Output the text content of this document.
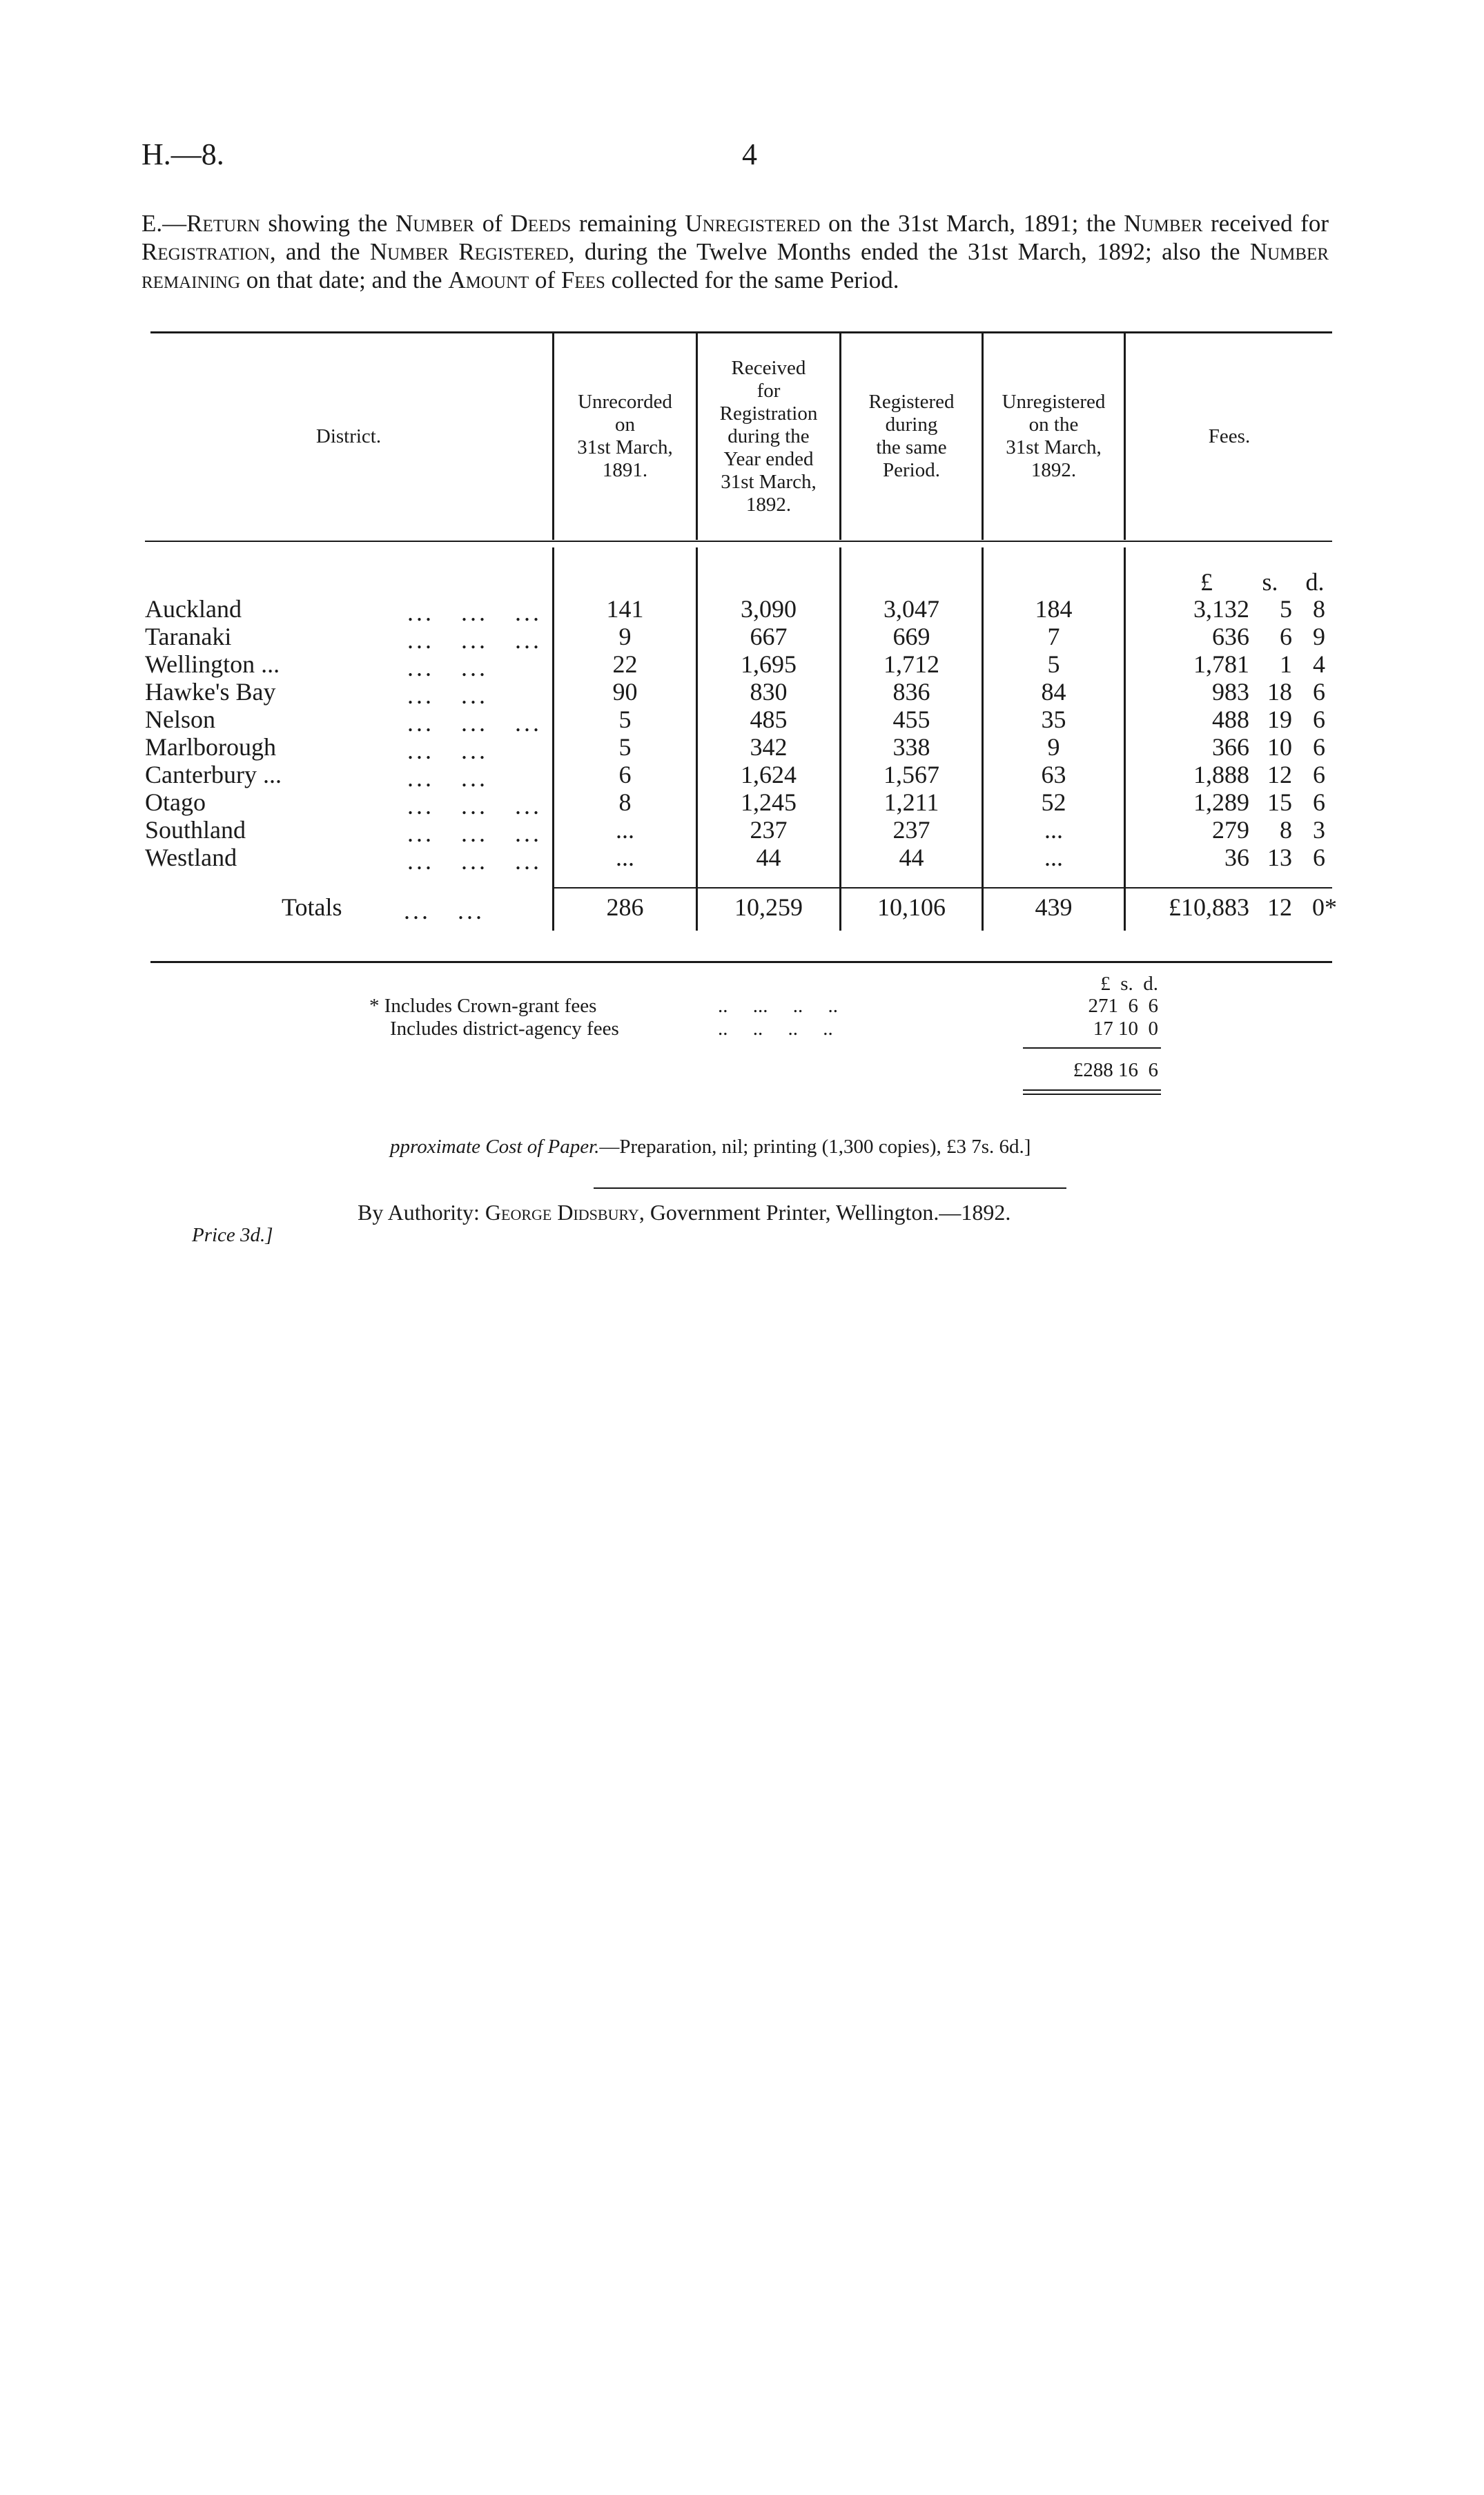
H.—8.	4
E.—Return showing the Number of Deeds remaining Unregistered on the 31st March, 1891; the Number received for Registration, and the Number Registered, during the Twelve Months ended the 31st March, 1892; also the Number remaining on that date; and the Amount of Fees collected for the same Period.
District.
Unrecorded
on
31st March,
1891.
Received
for
Registration
during the
Year ended
31st March,
1892.
Registered
during
the same
Period.
Unregistered
on the
31st March,
1892.
Fees.
£	s.	d.
Auckland	...   ...   ...	141	3,090	3,047	184	3,132	5 8
Taranaki	...   ...   ...	9	667	669	7	636	6 9
Wellington ...	...   ...	22	1,695	1,712	5	1,781	1 4
Hawke's Bay	...   ...	90	830	836	84	983 18 6
Nelson	...   ...   ...	5	485	455	35	488 19 6
Marlborough	...   ...	5	342	338	9	366 10 6
Canterbury ...	...   ...	6	1,624	1,567	63	1,888 12 6
Otago	...   ...   ...	8	1,245	1,211	52	1,289 15 6
Southland	...   ...   ...	...	237	237	...	279	8 3
Westland	...   ...   ...	...	44	44	...	36 13 6
Totals ...   ...	286	10,259	10,106	439	£10,883 12 0*
£  s.  d.
* Includes Crown-grant fees	..     ...     ..     ..	271  6  6
Includes district-agency fees	..     ..     ..     ..	17 10  0
£288 16  6
pproximate Cost of Paper.—Preparation, nil; printing (1,300 copies), £3 7s. 6d.]
Price 3d.]
By Authority: George Didsbury, Government Printer, Wellington.—1892.
